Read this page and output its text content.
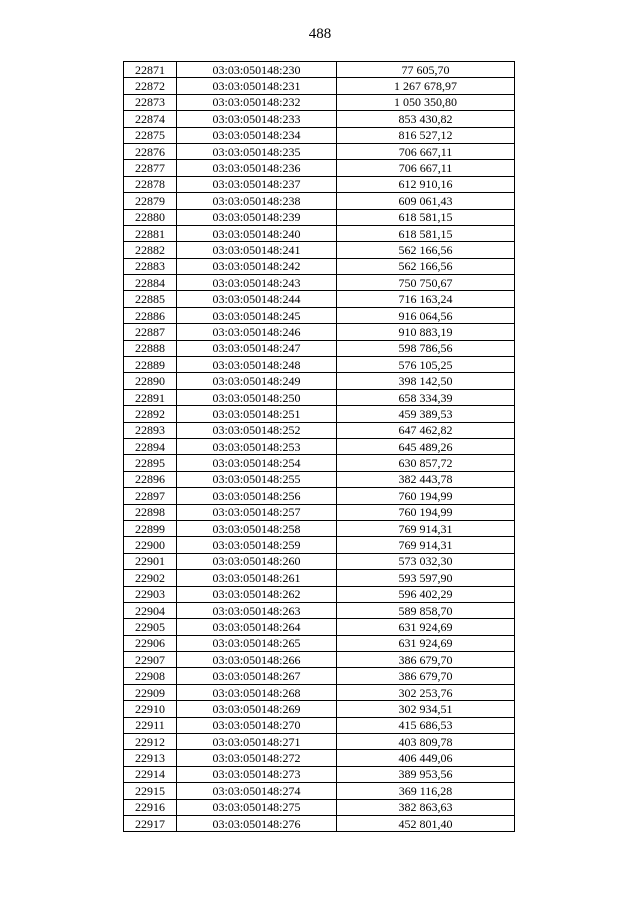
488
22871	03:03:050148:230	77 605,70
22872	03:03:050148:231	1 267 678,97
22873	03:03:050148:232	1 050 350,80
22874	03:03:050148:233	853 430,82
22875	03:03:050148:234	816 527,12
22876	03:03:050148:235	706 667,11
22877	03:03:050148:236	706 667,11
22878	03:03:050148:237	612 910,16
22879	03:03:050148:238	609 061,43
22880	03:03:050148:239	618 581,15
22881	03:03:050148:240	618 581,15
22882	03:03:050148:241	562 166,56
22883	03:03:050148:242	562 166,56
22884	03:03:050148:243	750 750,67
22885	03:03:050148:244	716 163,24
22886	03:03:050148:245	916 064,56
22887	03:03:050148:246	910 883,19
22888	03:03:050148:247	598 786,56
22889	03:03:050148:248	576 105,25
22890	03:03:050148:249	398 142,50
22891	03:03:050148:250	658 334,39
22892	03:03:050148:251	459 389,53
22893	03:03:050148:252	647 462,82
22894	03:03:050148:253	645 489,26
22895	03:03:050148:254	630 857,72
22896	03:03:050148:255	382 443,78
22897	03:03:050148:256	760 194,99
22898	03:03:050148:257	760 194,99
22899	03:03:050148:258	769 914,31
22900	03:03:050148:259	769 914,31
22901	03:03:050148:260	573 032,30
22902	03:03:050148:261	593 597,90
22903	03:03:050148:262	596 402,29
22904	03:03:050148:263	589 858,70
22905	03:03:050148:264	631 924,69
22906	03:03:050148:265	631 924,69
22907	03:03:050148:266	386 679,70
22908	03:03:050148:267	386 679,70
22909	03:03:050148:268	302 253,76
22910	03:03:050148:269	302 934,51
22911	03:03:050148:270	415 686,53
22912	03:03:050148:271	403 809,78
22913	03:03:050148:272	406 449,06
22914	03:03:050148:273	389 953,56
22915	03:03:050148:274	369 116,28
22916	03:03:050148:275	382 863,63
22917	03:03:050148:276	452 801,40
